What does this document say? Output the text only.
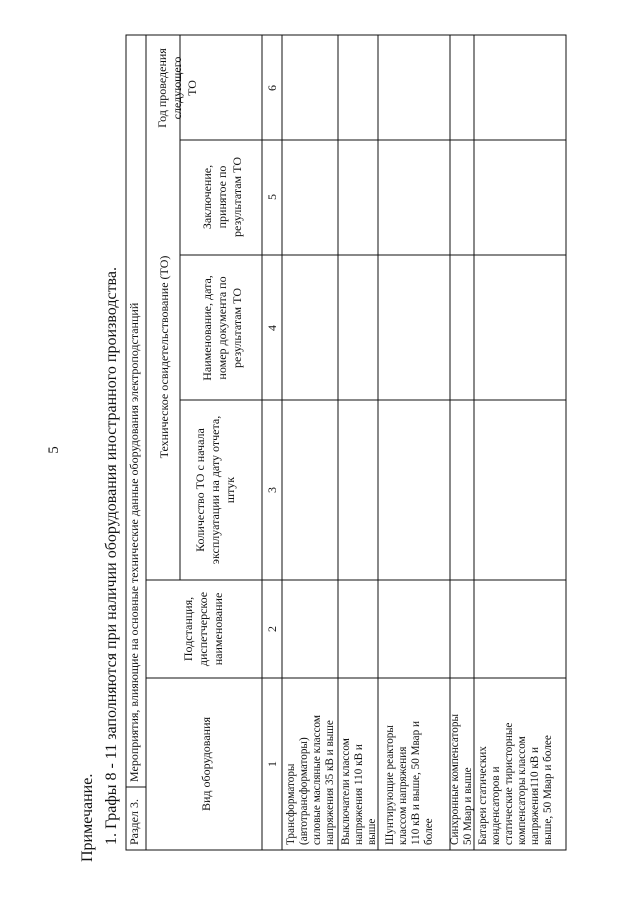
5
Примечание. 1. Графы 8 - 11 заполняются при наличии оборудования иностранного производства. Раздел 3.
Мероприятия, влияющие на основные технические данные оборудования электроподстанций	Вид оборудования
Подстанция, диспетчерское наименование
Техническое освидетельствование (ТО)
Количество ТО с начала эксплуатации на дату отчета, штук
Наименование, дата, номер документа по результатам ТО
Заключение, принятое по результатам ТО
Год проведения следующего ТО
1
2
3
4
5
6
Трансформаторы (автотрансформаторы) силовые масляные классом напряжения 35 кВ и выше Выключатели классом напряжения 110 кВ и выше Шунтирующие реакторы классом напряжения 110 кВ и выше, 50 Мвар и более Синхронные компенсаторы 50 Мвар и выше Батареи статических конденсаторов и статические тиристорные компенсаторы классом напряжения110 кВ и выше, 50 Мвар и более
